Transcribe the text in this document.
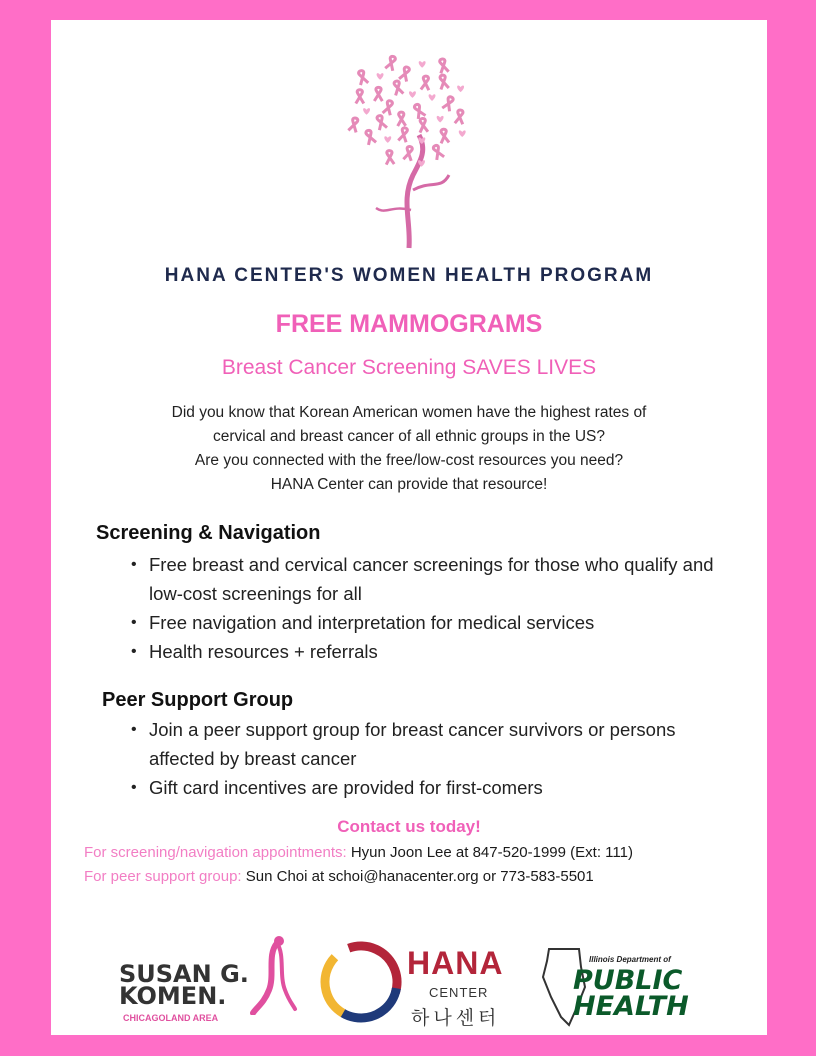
HANA CENTER'S WOMEN HEALTH PROGRAM
FREE MAMMOGRAMS
Breast Cancer Screening SAVES LIVES
Did you know that Korean American women have the highest rates of
cervical and breast cancer of all ethnic groups in the US?
Are you connected with the free/low-cost resources you need?
HANA Center can provide that resource!
Screening & Navigation
• Free breast and cervical cancer screenings for those who qualify and low-cost screenings for all
• Free navigation and interpretation for medical services
• Health resources + referrals
Peer Support Group
• Join a peer support group for breast cancer survivors or persons affected by breast cancer
• Gift card incentives are provided for first-comers
Contact us today!
For screening/navigation appointments: Hyun Joon Lee at 847-520-1999 (Ext: 111)
For peer support group: Sun Choi at schoi@hanacenter.org or 773-583-5501
SUSAN G.
KOMEN.
CHICAGOLAND AREA
HANA
CENTER
하나센터
Illinois Department of
PUBLIC
HEALTH
